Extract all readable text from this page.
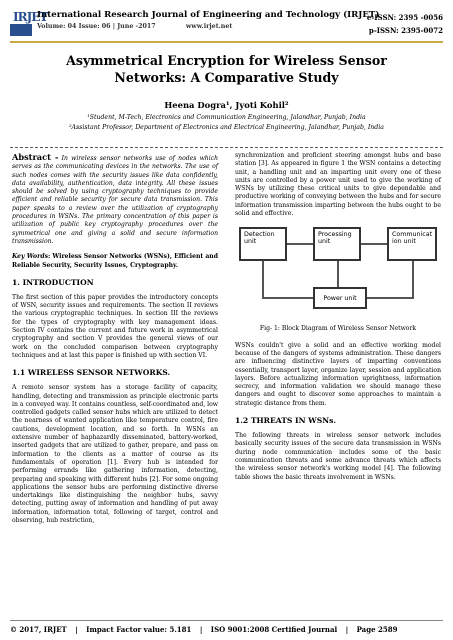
IRJET
International Research Journal of Engineering and Technology (IRJET)
Volume: 04 Issue: 06 | June -2017	www.irjet.net
e-ISSN: 2395 -0056
p-ISSN: 2395-0072
Asymmetrical Encryption for Wireless Sensor Networks: A Comparative Study
Heena Dogra¹, Jyoti Kohil²
¹Student, M-Tech, Electronics and Communication Engineering, Jalandhar, Punjab, India
²Assistant Professor, Department of Electronics and Electrical Engineering, Jalandhar, Punjab, India

Abstract - In wireless sensor networks use of nodes which serves as the communicating devices in the networks. The use of such nodes comes with the security issues like data confidently, data availability, authentication, data integrity. All these issues should be solved by using cryptography techniques to provide efficient and reliable security for secure data transmission. This paper speaks to a review over the utilization of cryptography procedures in WSNs. The primary concentration of this paper is utilization of public key cryptography procedures over the symmetrical one and giving a solid and secure information transmission.

Key Words: Wireless Sensor Networks (WSNs), Efficient and Reliable Security, Security Issues, Cryptography.

1. INTRODUCTION

The first section of this paper provides the introductory concepts of WSN, security issues and requirements. The section II reviews the various cryptographic techniques. In section III the reviews for the types of cryptography with key management ideas. Section IV contains the current and future work in asymmetrical cryptography and section V provides the general views of our work on the concluded comparison between cryptography techniques and at last this paper is finished up with section VI.

1.1 WIRELESS SENSOR NETWORKS.

A remote sensor system has a storage facility of capacity, handling, detecting and transmission as principle electronic parts in a conveyed way. It contains countless, self-coordinated and, low controlled gadgets called sensor hubs which are utilized to detect the nearness of wanted application like temperature control, fire cautions, development location, and so forth. In WSNs an extensive number of haphazardly disseminated, battery-worked, inserted gadgets that are utilized to gather, prepare, and pass on information to the clients as a matter of course as its fundamentals of operation [1]. Every hub is intended for performing errands like gathering information, detecting, preparing and speaking with different hubs [2]. For some ongoing applications the sensor hubs are performing distinctive diverse undertakings like distinguishing the neighbor hubs, savvy detecting, putting away of information and handling of put away information, information total, following of target, control and observing, hub restriction,

synchronization and proficient steering amongst hubs and base station [3]. As appeared in figure 1 the WSN contains a detecting unit, a handling unit and an imparting unit every one of these units are controlled by a power unit used to give the working of WSNs by utilizing these critical units to give dependable and productive working of conveying between the hubs and for secure information transmission imparting between the hubs ought to be solid and effective.

Detection unit
Processing unit
Communicat ion unit
Power unit
Fig- 1: Block Diagram of Wireless Sensor Network

WSNs couldn't give a solid and an effective working model because of the dangers of systems administration. These dangers are influencing distinctive layers of imparting conventions essentially, transport layer, organize layer, session and application layers. Before actualizing information uprightness, information secrecy, and information validation we should manage these dangers and ought to discover some approaches to maintain a strategic distance from them.

1.2 THREATS IN WSNs.

The following threats in wireless sensor network includes basically security issues of the secure data transmission in WSNs during node communication includes some of the basic communication threats and some advance threats which affects the wireless sensor network's working model [4]. The following table shows the basic threats involvement in WSNs.

© 2017, IRJET | Impact Factor value: 5.181 | ISO 9001:2008 Certified Journal | Page 2589
